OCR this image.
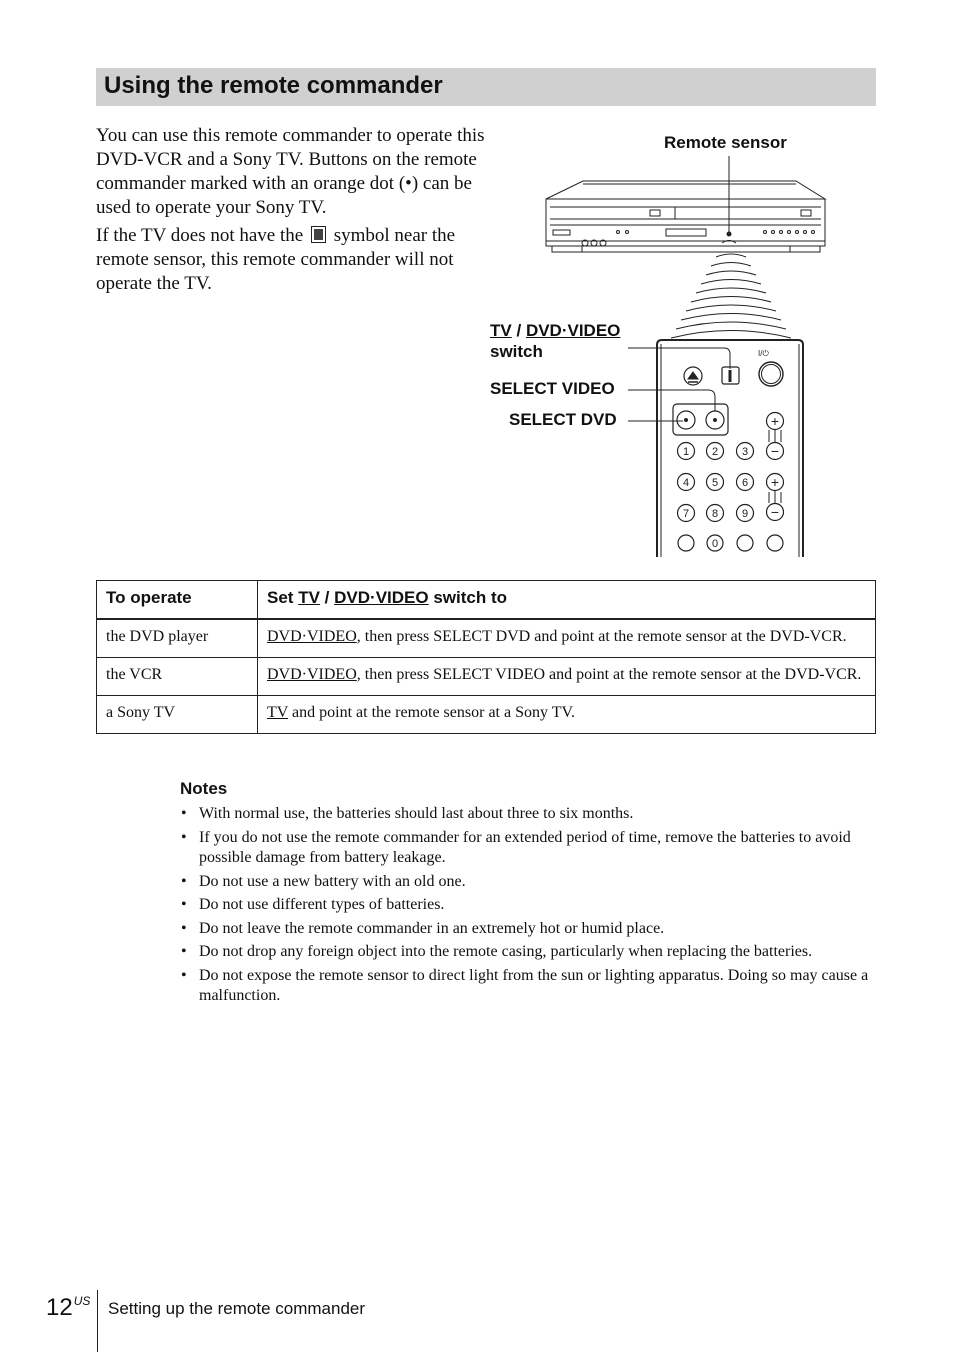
Using the remote commander

You can use this remote commander to operate this DVD-VCR and a Sony TV. Buttons on the remote commander marked with an orange dot (•) can be used to operate your Sony TV.

If the TV does not have the symbol near the remote sensor, this remote commander will not operate the TV.

I/⏻
1 2 3
4 5 6
7 8 9
0
+
−
+
−
Remote sensor
TV / DVD·VIDEO
switch
SELECT VIDEO
SELECT DVD
To operate	Set TV / DVD·VIDEO switch to
the DVD player	DVD·VIDEO, then press SELECT DVD and point at the remote sensor at the DVD-VCR.
the VCR	DVD·VIDEO, then press SELECT VIDEO and point at the remote sensor at the DVD-VCR.
a Sony TV	TV and point at the remote sensor at a Sony TV.
Notes
• With normal use, the batteries should last about three to six months.
• If you do not use the remote commander for an extended period of time, remove the batteries to avoid possible damage from battery leakage.
• Do not use a new battery with an old one.
• Do not use different types of batteries.
• Do not leave the remote commander in an extremely hot or humid place.
• Do not drop any foreign object into the remote casing, particularly when replacing the batteries.
• Do not expose the remote sensor to direct light from the sun or lighting apparatus. Doing so may cause a malfunction.
$12^{US}$ Setting up the remote commander
